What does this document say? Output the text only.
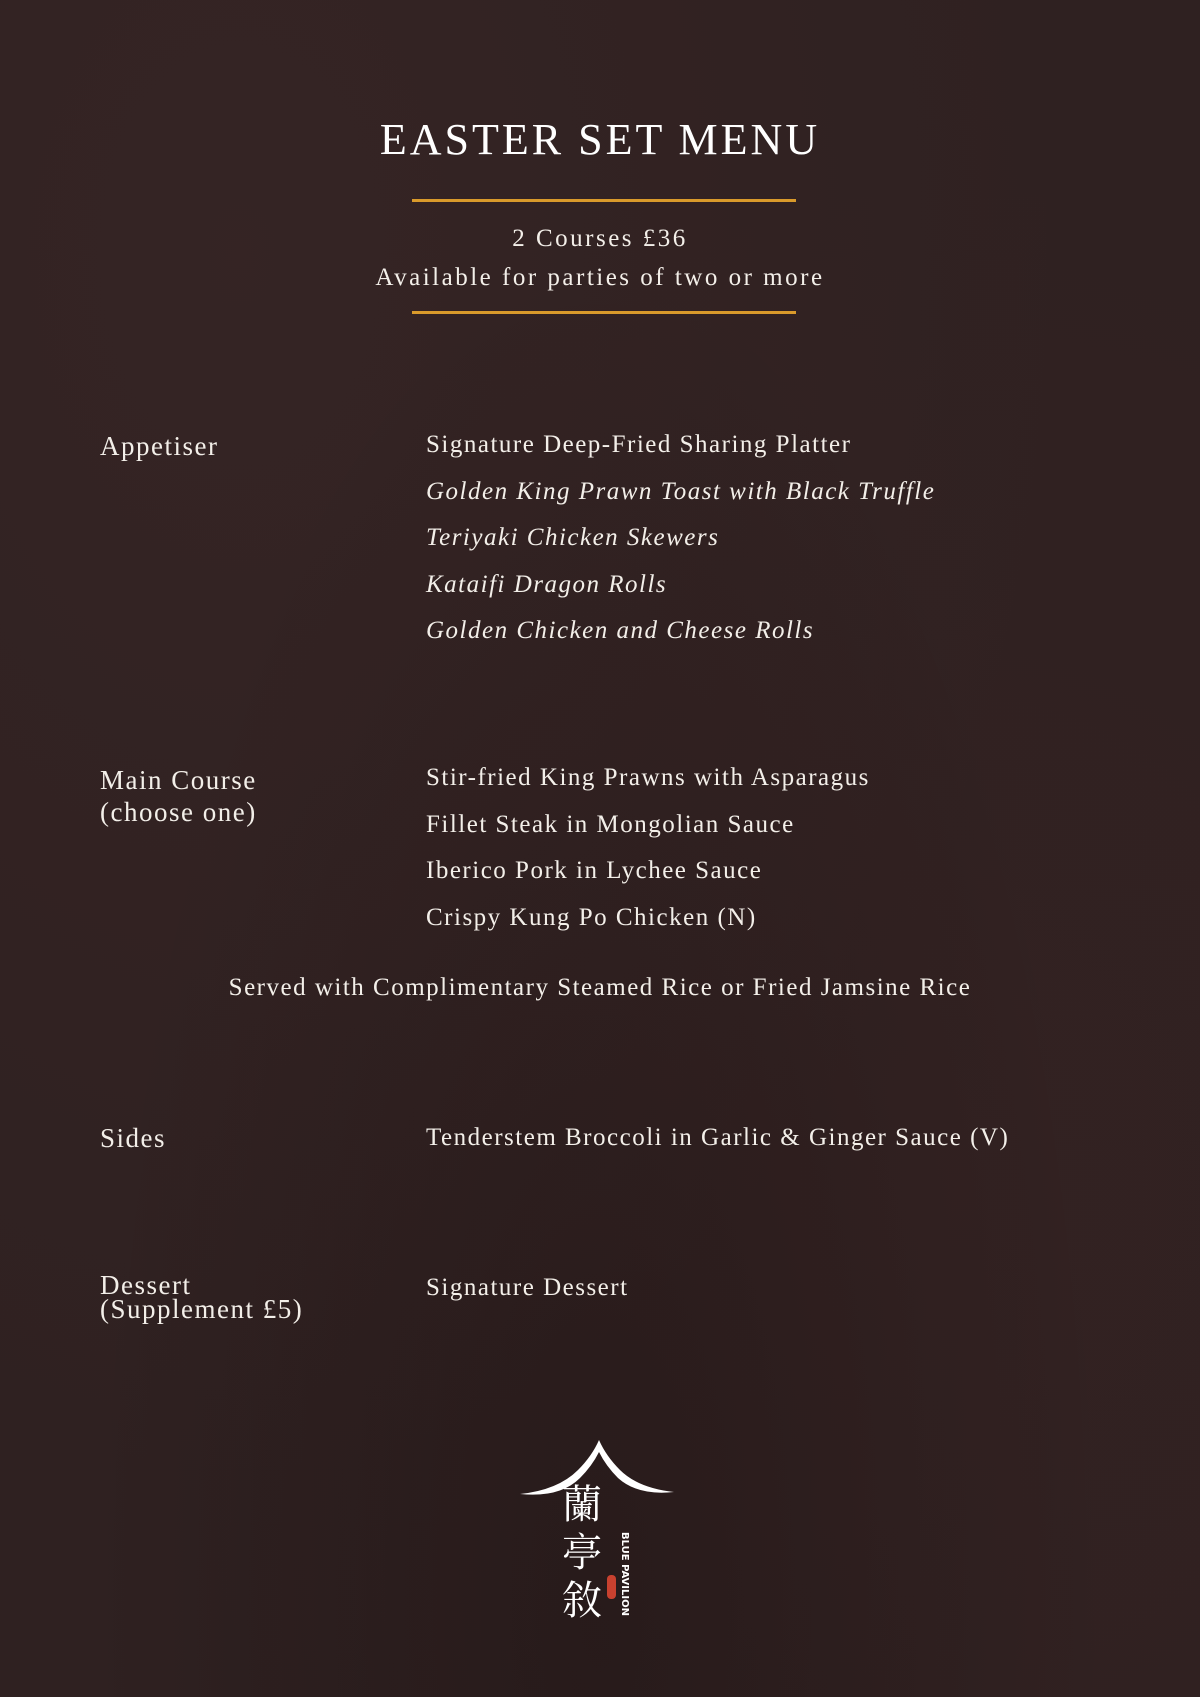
EASTER SET MENU
2 Courses £36
Available for parties of two or more
Appetiser	Signature Deep-Fried Sharing Platter
Golden King Prawn Toast with Black Truffle
Teriyaki Chicken Skewers
Kataifi Dragon Rolls
Golden Chicken and Cheese Rolls
Main Course
(choose one)
Stir-fried King Prawns with Asparagus
Fillet Steak in Mongolian Sauce
Iberico Pork in Lychee Sauce
Crispy Kung Po Chicken (N)
Served with Complimentary Steamed Rice or Fried Jamsine Rice
Sides	Tenderstem Broccoli in Garlic & Ginger Sauce (V)
Dessert
(Supplement £5)
Signature Dessert
蘭亭敘 BLUE PAVILION
